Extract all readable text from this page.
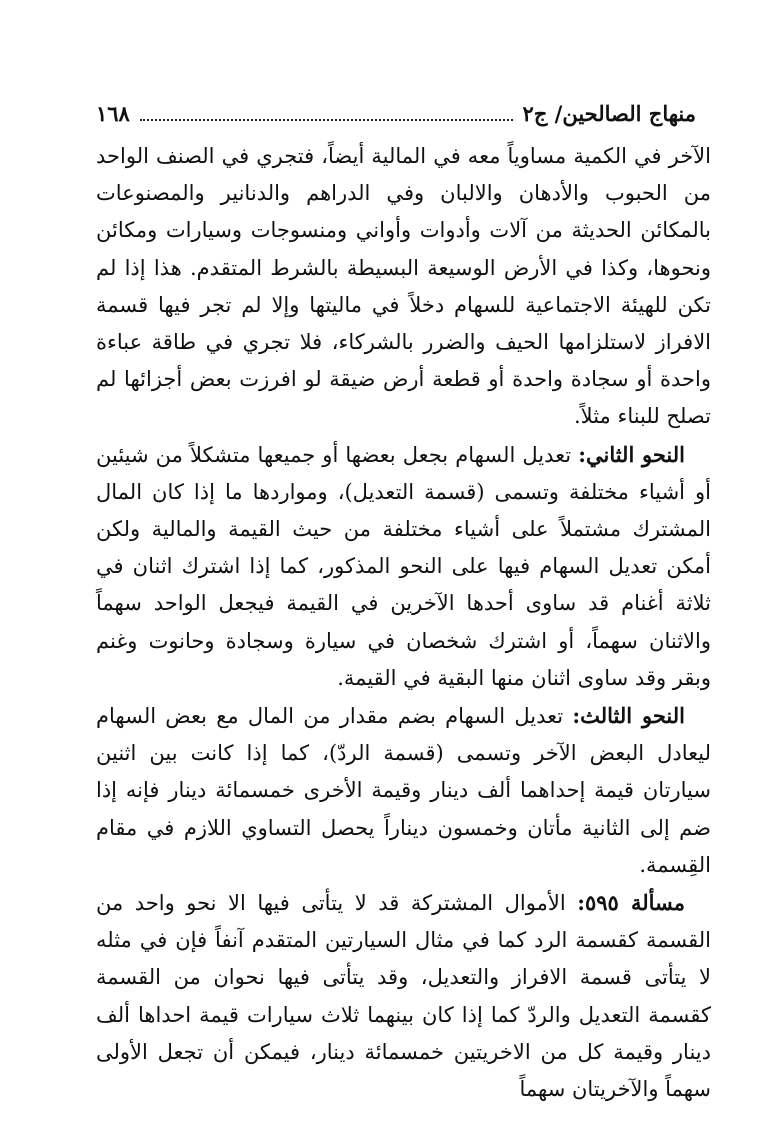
منهاج الصالحين/ ج٢
١٦٨

الآخر في الكمية مساوياً معه في المالية أيضاً، فتجري في الصنف الواحد من الحبوب والأدهان والالبان وفي الدراهم والدنانير والمصنوعات بالمكائن الحديثة من آلات وأدوات وأواني ومنسوجات وسيارات ومكائن ونحوها، وكذا في الأرض الوسيعة البسيطة بالشرط المتقدم. هذا إذا لم تكن للهيئة الاجتماعية للسهام دخلاً في ماليتها وإلا لم تجر فيها قسمة الافراز لاستلزامها الحيف والضرر بالشركاء، فلا تجري في طاقة عباءة واحدة أو سجادة واحدة أو قطعة أرض ضيقة لو افرزت بعض أجزائها لم تصلح للبناء مثلاً.

النحو الثاني: تعديل السهام بجعل بعضها أو جميعها متشكلاً من شيئين أو أشياء مختلفة وتسمى (قسمة التعديل)، ومواردها ما إذا كان المال المشترك مشتملاً على أشياء مختلفة من حيث القيمة والمالية ولكن أمكن تعديل السهام فيها على النحو المذكور، كما إذا اشترك اثنان في ثلاثة أغنام قد ساوى أحدها الآخرين في القيمة فيجعل الواحد سهماً والاثنان سهماً، أو اشترك شخصان في سيارة وسجادة وحانوت وغنم وبقر وقد ساوى اثنان منها البقية في القيمة.

النحو الثالث: تعديل السهام بضم مقدار من المال مع بعض السهام ليعادل البعض الآخر وتسمى (قسمة الردّ)، كما إذا كانت بين اثنين سيارتان قيمة إحداهما ألف دينار وقيمة الأخرى خمسمائة دينار فإنه إذا ضم إلى الثانية مأتان وخمسون ديناراً يحصل التساوي اللازم في مقام القِسمة.

مسألة ٥٩٥: الأموال المشتركة قد لا يتأتى فيها الا نحو واحد من القسمة كقسمة الرد كما في مثال السيارتين المتقدم آنفاً فإن في مثله لا يتأتى قسمة الافراز والتعديل، وقد يتأتى فيها نحوان من القسمة كقسمة التعديل والردّ كما إذا كان بينهما ثلاث سيارات قيمة احداها ألف دينار وقيمة كل من الاخريتين خمسمائة دينار، فيمكن أن تجعل الأولى سهماً والآخريتان سهماً
